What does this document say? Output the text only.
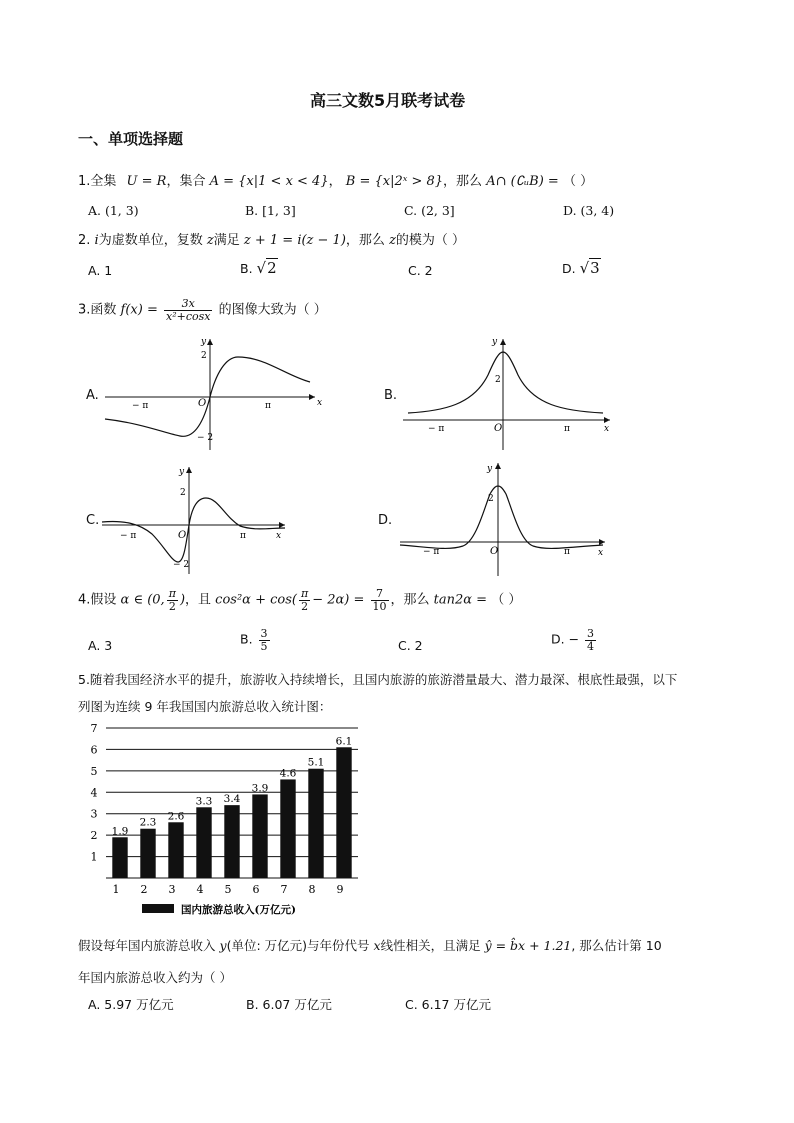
高三文数5月联考试卷
一、单项选择题
1.全集 U = R，集合 A = {x|1 < x < 4}， B = {x|2ˣ > 8}，那么 A∩ (∁ᵤB) = （ ）
A. (1, 3)	B. [1, 3]	C. (2, 3]	D. (3, 4)
2. i为虚数单位，复数 z满足 z + 1 = i(z − 1)，那么 z的模为（ ）
A. 1	B. √2	C. 2	D. √3
3.函数 $f(x) = \frac{3x}{\text{x²+cosx}}$ 的图像大致为（ ）
A.	x
y
O
− π	π
2
− 2
B.
x
y
O
− π	π
2
C.
x
y
O
− π	π
2
− 2
D.
x
y
O
− π	π
2
4.假设 α ∈ (0, $\frac{\pi}{2}$ )，且 $\cos^2\alpha + \cos( \frac{\pi}{2} - 2\alpha) = \frac{7}{10}$ ，那么 tan2α = （ ）
A. 3	B. $\frac{3}{5}$	C. 2	D. − $\frac{3}{4}$
5.随着我国经济水平的提升，旅游收入持续增长，且国内旅游的旅游潜量最大、潜力最深、根底性最强，以下
列图为连续 9 年我国国内旅游总收入统计图：
1
2
3
4
5
6
7
1.9
1
2.3
2
2.6
3
3.3
4
3.4
5
3.9
6
4.6
7
5.1
8
6.1
9
国内旅游总收入(万亿元)
假设每年国内旅游总收入 y(单位: 万亿元)与年份代号 x线性相关，且满足 ŷ = b̂x + 1.21, 那么估计第 10
年国内旅游总收入约为（ ）
A. 5.97 万亿元	B. 6.07 万亿元	C. 6.17 万亿元
